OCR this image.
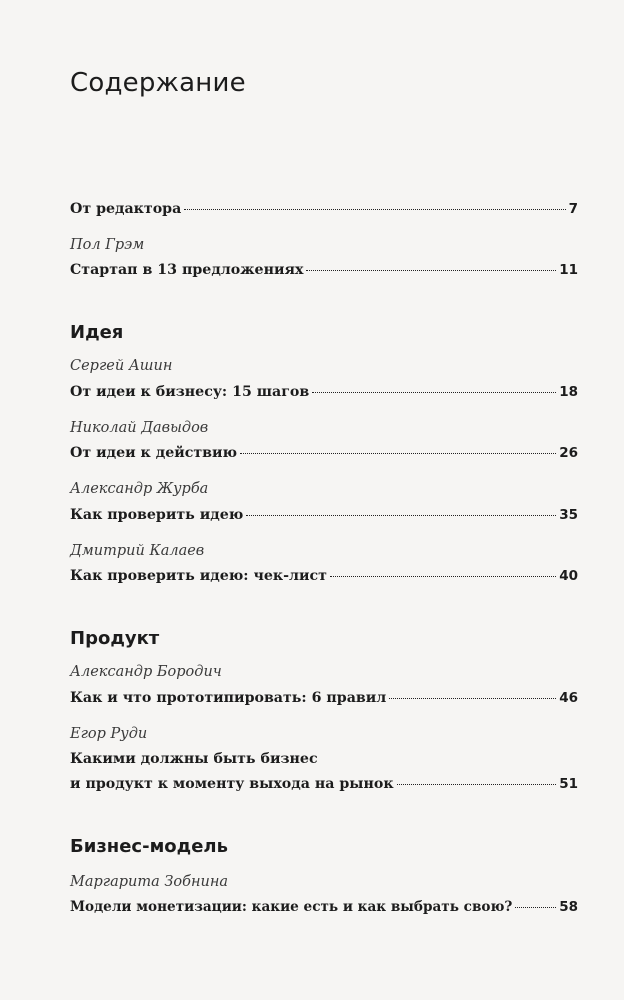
Содержание
От редактора	7
Пол Грэм
Стартап в 13 предложениях	11
Идея
Сергей Ашин
От идеи к бизнесу: 15 шагов	18
Николай Давыдов
От идеи к действию	26
Александр Журба
Как проверить идею	35
Дмитрий Калаев
Как проверить идею: чек-лист	40
Продукт
Александр Бородич
Как и что прототипировать: 6 правил	46
Егор Руди
Какими должны быть бизнес
и продукт к моменту выхода на рынок	51
Бизнес-модель
Маргарита Зобнина
Модели монетизации: какие есть и как выбрать свою?	58
